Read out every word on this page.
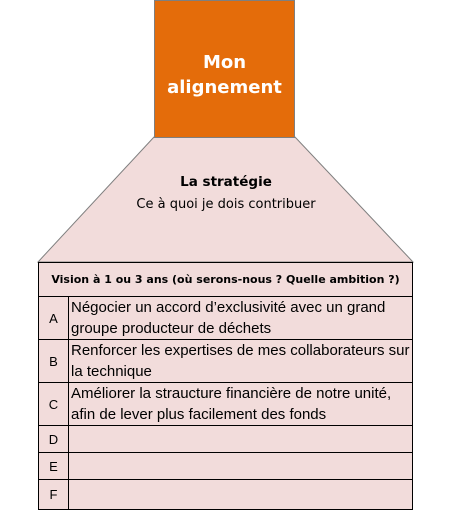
Mon alignement
La stratégie
Ce à quoi je dois contribuer
Vision à 1 ou 3 ans (où serons-nous ? Quelle ambition ?)	
A	Négocier un accord d’exclusivité avec un grand groupe producteur de déchets
B	Renforcer les expertises de mes collaborateurs sur la technique
C	Améliorer la straucture financière de notre unité, afin de lever plus facilement des fonds
D	
E	
F	
